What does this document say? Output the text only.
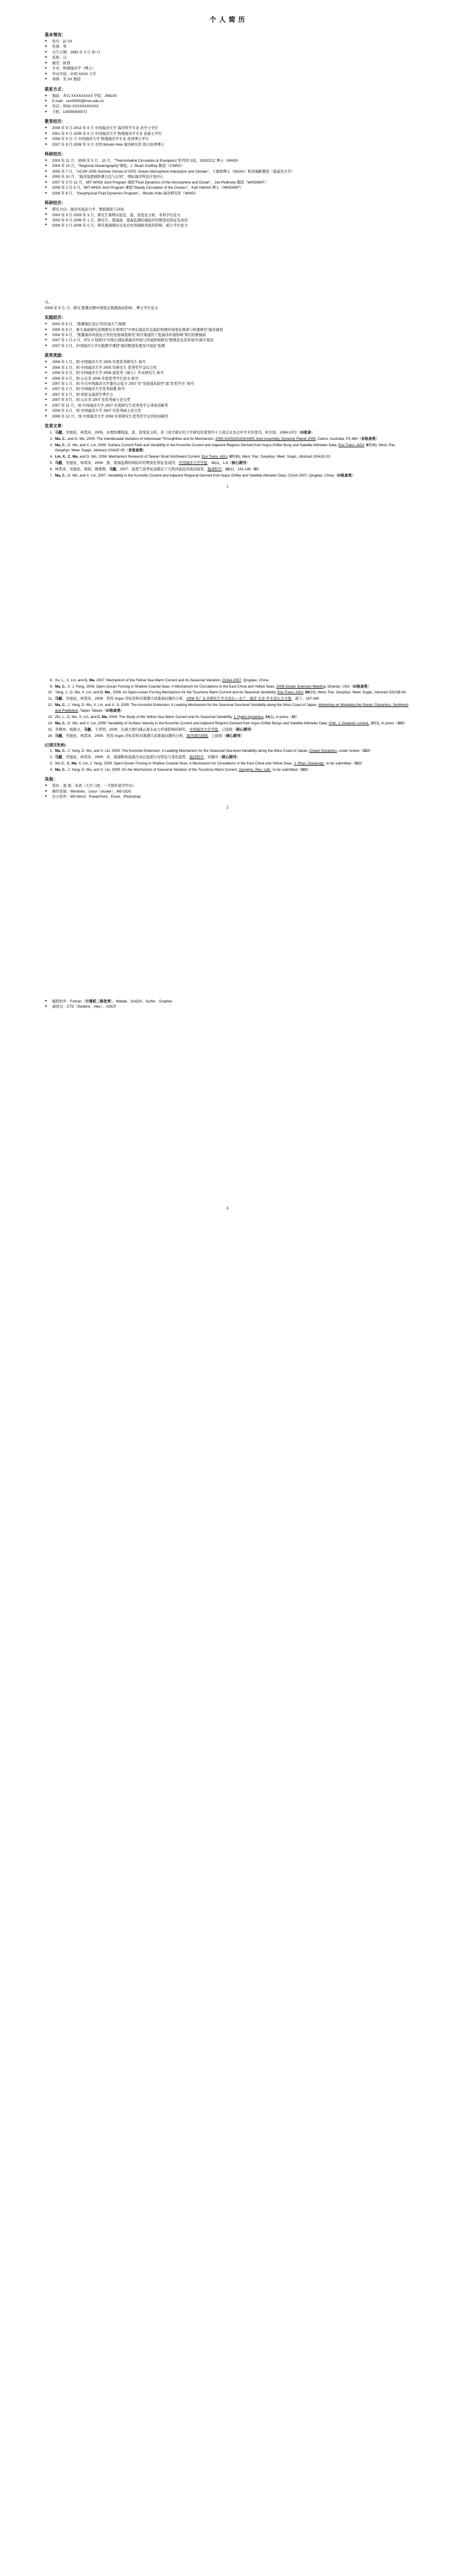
个 人 简 历
基本情况：
➤ 姓名：赵 XX
➤ 性别：男
➤ 出生日期：1983 年 3 月 30 日
➤ 民族：汉
➤ 籍贯：陕西
➤ 专业：物理海洋学（博士）
➤ 毕业学校：中国 XXXX 大学
➤ 导师：吴 XX 教授
联系方式：
➤ 地址：青岛 XXXXXXXXX 学院，266100
➤ E-mail：zxx00000@msn.edu.cn
➤ 电话：0532-XXXXXXXXXXX
➤ 手机：130000000072
教育经历：
➤ 2006 年 9 月-2013 年 6 月 中国海洋大学 海洋科学专业 获学士学位
➤ 2001 年 9 月-2006 年 6 月 中国海洋大学 物理海洋学专业 获硕士学位
➤ 2006 年 9 月-今 中国海洋大学 物理海洋学专业 攻读博士学位
➤ 2007 年 9 月-2008 年 9 月 美国 Woods Hole 海洋研究所 联合培养博士
科研经历：
➤ 2003 年 11 月、2005 年 5 月、10 月，"Thermohaline Circulation & Energetics"系列讲习班，2002CCC 博士（WHOI）
➤ 2004 年 10 月，"Regional Oceanography"课程，J. Stuart Godfrey 教授（CSIRO）
➤ 2005 年 7 月，"UCAR 2005 Summer School of GFD: Ocean-Atmosphere Interaction and Climate"，王惠群博士（NOAA）和黄瑞新教授（夏威夷大学）
➤ 2005 年 10 月，"海洋温度倾斜测方法与认知"，国际海洋科技计划中心
➤ 2007 年 3 月-12 月，MIT-WHOI Joint Program 课程"Fluid Dynamics of the Atmosphere and Ocean"，Joe Pedlosky 教授（WHOI/MIT）
➤ 2008 年 2 月-5 月，MIT-WHOI Joint Program 课程"Steady Circulation of the Oceans"，Karl Helfrich 博士（WHOI/MIT）
➤ 2008 年 6 月，"Geophysical Fluid Dynamics Program"，Woods Hole 海洋研究所（WHOI）
科研经历：
❖ 研究方向：海洋环流动力学、数值模拟与同化
❖ 2003 年 3 月-2003 年 3 月，研究生暑期实验室、温、流变化分析，本科学位论文
❖ 2003 年 9 月-2006 年 1 月，研究生、黑海温、黑海监测的海陆环的期变化特征及成因
❖ 2004 年 3 月-2008 年 5 月，研究黑海暖区以及对台湾海峡突流的影响，硕士学位论文
文。
2006 年 9 月-今，研究‘黑潮北侧中国南北黑潮涡动影响’，博士学位论文
实践经历：
➤ 2003 年 5 月，"黑潮地区论坛"的区域大气观测
➤ 2005 年 9 月，重大基础研究前期研究专项项目"中国东南沿岸近海区物理环境变化规律与机理研究"海洋调查
➤ 2004 年 9 月，"黑潮海洋环流复合型的发展调查研究"项目筹建的工程海洋环境影响"项目的数模拟
➤ 2007 年 1 月-2 月，973 计划项目"中国东部陆架海洋环境与环境影响研究"数理论及其环境学/海半境设
➤ 2007 年 2 月，中国海洋大学实践教学课程"海洋数值处理及可视化"助教
获奖奖励：
➤ 2006 年 1 月，国 中国海洋大学 2005 年度优秀研究生 称号
➤ 2006 年 1 月，国 中国海洋大学 2005 年研究生 优秀奖学金综合奖
➤ 2006 年 5 月，国 中国海洋大学 2006 届优秀《硕士》毕业研究生 称号
➤ 2006 年 4 月，国 山东省 2006 年度优秀学位论文 称号
➤ 2007 年 1 月，国 中共中国海洋大学委员会授予 2007 年"突进通本制学"演"发奖学员" 称号
➤ 2007 年 2 月，国 中国海洋大学优秀助教 称号
➤ 2007 年 3 月，国 国家交通部学费学会
➤ 2007 年 9 月，国 山东省 2007 年优秀硕士论文奖
➤ 2007 年 11 月，国 中国海洋大学 2007 年度研究生优秀党学会讲班创新奖
➤ 2008 年 3 月，国 中国海洋大学 2007 年优秀硕士论文奖
➤ 2008 年 12 月，国 中国海洋大学 2008 年度研究生优秀奖学金讲班创新奖
发表文章：
1. 马毅，吴德星，林霄沛，2005，社理斜潮线温、温、流变化分析，黄《成才研水的力学研究年度第四十九周会议本会中学术年度刊，哈尔滨，1066-1072（EI收录）
2. Ma, C., and D. Wu, 2005: The Interdecadal Variation of Indonesian Throughflow and Its Mechanism, 2005 IAGSA/IUGG/AMS Joint Assembly, Dynamic Planet 2005, Cairns, Australia, P2-484（非收录类）
3. Ma, C., D. Wu, and X. Lin, 2006: Surface Current Field and Variability in the Kuroshio Current and Adjacent Regions Derived from Argos Drifter Buoy and Satellite Altimeter Data, Eos Trans. AGU, 87(36), West. Pac. Geophys. Meet. Suppl., Abstract OS41E-05（非收录类）
4. Lin, X., C. Ma, and D. Wu, 2006: Mechanism Research of Taiwan Strait Northward Current, Eos Trans. AGU, 87(36), West. Pac. Geophys. Meet. Suppl., Abstract OS41E-03
5. 马毅，吴德星，林霄沛，2006：黑、黑海监测的体陆环的期变化特征及成因，中国海洋大学学报，36(s)，1-8（核心期刊）
6. 林霄沛，吴德星，周晓，操理理，马毅，2007：温度气流季复加暖层下大西洋温监环流的演变，地球科学，22(1)，141-146（EI）
7. Ma, C., D. Wu, and X. Lin, 2007: Variability in the Kuroshio Current and Adjacent Regional Derived from Argos Drifter and Satellite Altimeter Data, COAA 2007, Qingdao, China（EI收录类）
1
8. Xu, L., X. Lin, and C. Ma, 2007: Mechanism of the Fellow Sea Warm Current and Its Seasonal Variation, COAA 2007, Qingdao, China
9. Ma, C., X. J. Feng, 2008: Open-Ocean Forcing in Shallow Coastal Seas: A Mechanism for Circulations in the East China and Yellow Seas, 2008 Ocean Sciences Meeting, Orlando, USA（EI收录类）
10. Yang, J., D. Wu, X. Lin, and C. Ma., 2008: An Open-ocean Forcing Mechanism for the Tsushima Warm Current and Its Seasonal Variability, Eos Trans. AGU, 89(23), West. Pac. Geophys. Meet. Suppl., Abstract OS21B-04
11. 马毅，吴德星，林霄沛，2008：利用 Argos 浮标资料对黑潮大质黑海问题的分析，2008 年广东省研究生学术论坛—水产、海洋 北京-学术论坛会文集，遂宁，187-340
12. Ma, C., J. Yang, D. Wu, X. Lin, and X. Ji, 2009: The Kuroshio Extension: A Leading Mechanism for the Seasonal Sea-level Variability along the West Coast of Japan, Workshop on Modeling the Ocean: Dynamics, Synthesis and Prediction, Taipei, Taiwan（EI收录类）
13. Zhi, L., D. Wu, X. Lin, and C. Ma, 2009: The Study of the Yellow Sea Warm Current and Its Seasonal Variability, J. Hydro-dynamics, 24(1), in press（EI）
14. Ma, C., D. Wu, and X. Lin, 2009: Variability of Surface Velocity in the Kuroshio Current and Adjacent Regions Derived from Argos Drifter Buoys and Satellite Altimeter Data, Chin. J. Oceanol. Limnol., 27(3), in press（SCI）
15. 李湘州，杨德文，马毅，于佰明，2009：东海大理归谏正海水动力环境影响的研究，中国海洋大学学报，已接收（核心期刊）
16. 马毅，吴德星，林霄沛，2009：利用 Argos 浮标资料对黑潮大质黑海问题的分析，海洋湖沼通报，已接收（核心期刊）
(已提交发表)：
1. Ma, C., J. Yang, D. Wu, and X. Lin, 2009: The Kuroshio Extension: A Leading Mechanism for the Seasonal Sea-level Variability along the West Coast of Japan, Ocean Dynamics, under review（SCI）
2. 马毅，吴德星，林霄沛，2009：黄、渤海断面流海冷冰层温度归布特征与变化趋势，海洋科学，审稿中（核心期刊）
3. Wu D., C. Ma, X. Lin, J. Yang, 2009: Open-Ocean Forcing in Shallow Coastal Seas: A Mechanism for Circulations in the East China and Yellow Seas, J. Phys. Oceanogr., to be submitted（SCI）
4. Ma, C., J. Yang, D. Wu, and X. Lin, 2009: On the Mechanism of Seasonal Variation of the Tsushima Warm Current, Geophys. Res. Lett., to be submitted（SCI）
其他：
➤ 爱好：篮 球；英语（大学六级、一半国外留学经历）
➤ 操作系统：Windows、Linux（cluster）、MS-DOS
➤ 办公软件：MS-Word、PowerPoint、Excel、Photoshop
2
➤ 编程软件：Fortran（计算机二级优秀）、Matlab、GrADS、Surfer、Grapher
➤ 通读过：CTD（Seabird、Alec）、ADCP
3
